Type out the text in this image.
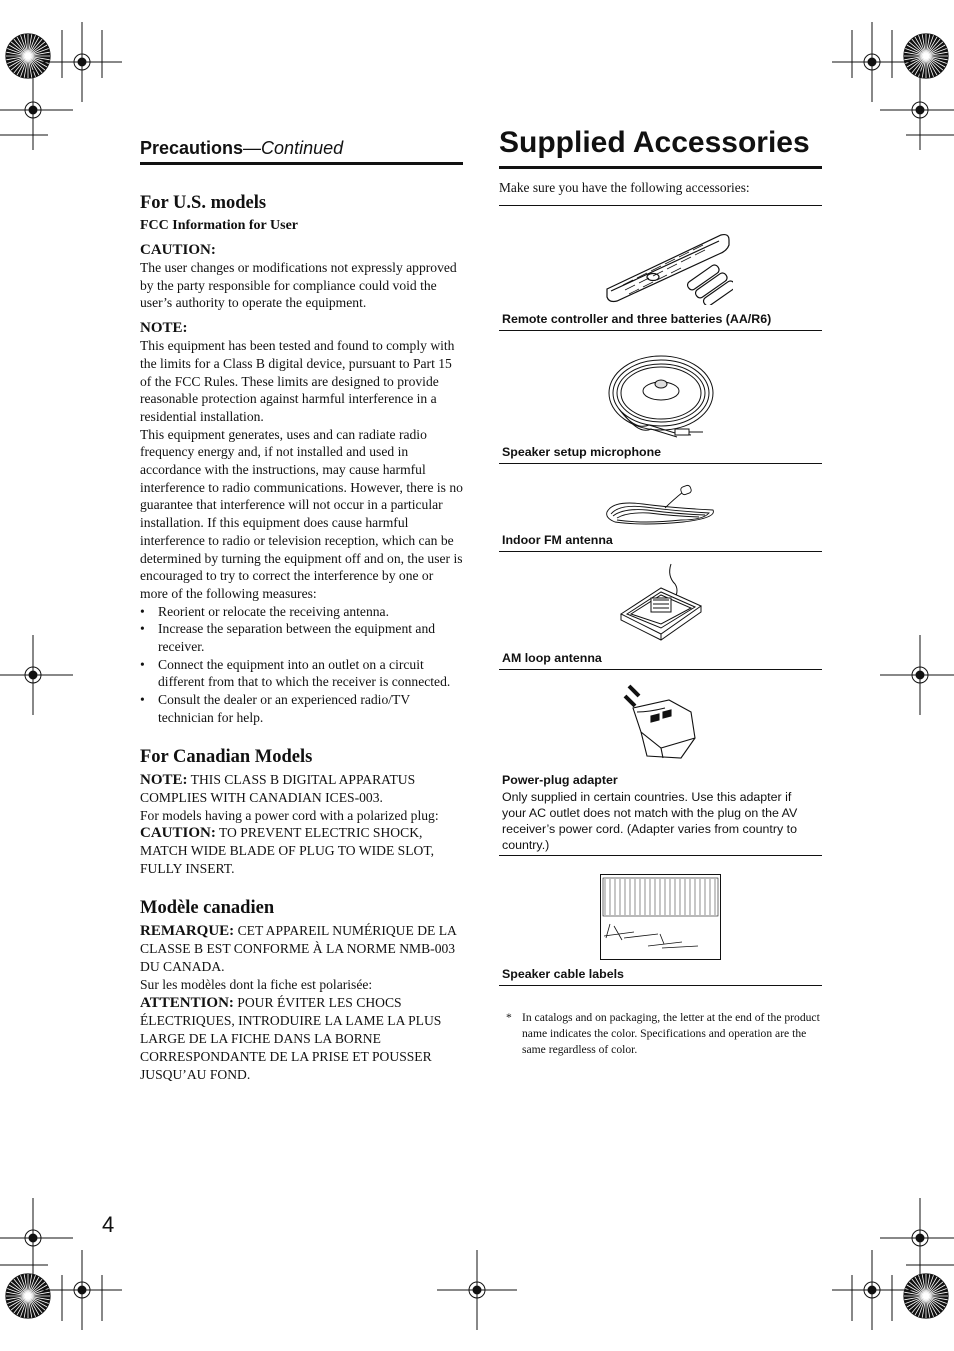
Precautions—Continued
For U.S. models
FCC Information for User
CAUTION:

The user changes or modifications not expressly approved by the party responsible for compliance could void the user’s authority to operate the equipment.

NOTE:

This equipment has been tested and found to comply with the limits for a Class B digital device, pursuant to Part 15 of the FCC Rules. These limits are designed to provide reasonable protection against harmful interference in a residential installation.

This equipment generates, uses and can radiate radio frequency energy and, if not installed and used in accordance with the instructions, may cause harmful interference to radio communications. However, there is no guarantee that interference will not occur in a particular installation. If this equipment does cause harmful interference to radio or television reception, which can be determined by turning the equipment off and on, the user is encouraged to try to correct the interference by one or more of the following measures:

• Reorient or relocate the receiving antenna.
• Increase the separation between the equipment and receiver.
• Connect the equipment into an outlet on a circuit different from that to which the receiver is connected.
• Consult the dealer or an experienced radio/TV technician for help.
For Canadian Models

NOTE: THIS CLASS B DIGITAL APPARATUS COMPLIES WITH CANADIAN ICES-003.

For models having a power cord with a polarized plug:

CAUTION: TO PREVENT ELECTRIC SHOCK, MATCH WIDE BLADE OF PLUG TO WIDE SLOT, FULLY INSERT.

Modèle canadien

REMARQUE: CET APPAREIL NUMÉRIQUE DE LA CLASSE B EST CONFORME À LA NORME NMB-003 DU CANADA.

Sur les modèles dont la fiche est polarisée:

ATTENTION: POUR ÉVITER LES CHOCS ÉLECTRIQUES, INTRODUIRE LA LAME LA PLUS LARGE DE LA FICHE DANS LA BORNE CORRESPONDANTE DE LA PRISE ET POUSSER JUSQU’AU FOND.

Supplied Accessories
Make sure you have the following accessories:
Remote controller and three batteries (AA/R6)
Speaker setup microphone
Indoor FM antenna
AM loop antenna
Power-plug adapter
Only supplied in certain countries. Use this adapter if your AC outlet does not match with the plug on the AV receiver’s power cord. (Adapter varies from country to country.)
Speaker cable labels
* In catalogs and on packaging, the letter at the end of the product name indicates the color. Specifications and operation are the same regardless of color.
4
